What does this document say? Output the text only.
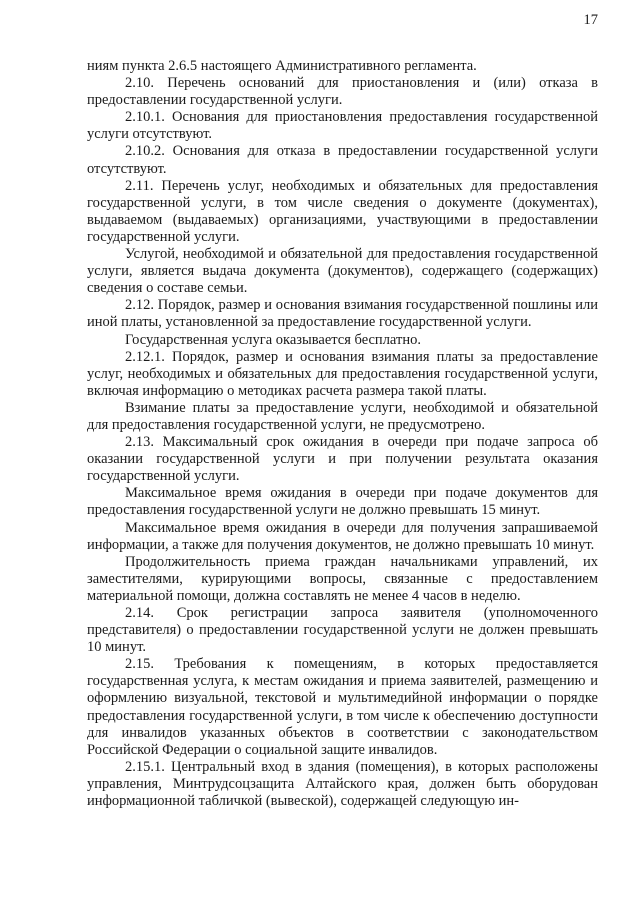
17

ниям пункта 2.6.5 настоящего Административного регламента.

2.10. Перечень оснований для приостановления и (или) отказа в предоставлении государственной услуги.

2.10.1. Основания для приостановления предоставления государственной услуги отсутствуют.

2.10.2. Основания для отказа в предоставлении государственной услуги отсутствуют.

2.11. Перечень услуг, необходимых и обязательных для предоставления государственной услуги, в том числе сведения о документе (документах), выдаваемом (выдаваемых) организациями, участвующими в предоставлении государственной услуги.

Услугой, необходимой и обязательной для предоставления государственной услуги, является выдача документа (документов), содержащего (содержащих) сведения о составе семьи.

2.12. Порядок, размер и основания взимания государственной пошлины или иной платы, установленной за предоставление государственной услуги.

Государственная услуга оказывается бесплатно.

2.12.1. Порядок, размер и основания взимания платы за предоставление услуг, необходимых и обязательных для предоставления государственной услуги, включая информацию о методиках расчета размера такой платы.

Взимание платы за предоставление услуги, необходимой и обязательной для предоставления государственной услуги, не предусмотрено.

2.13. Максимальный срок ожидания в очереди при подаче запроса об оказании государственной услуги и при получении результата оказания государственной услуги.

Максимальное время ожидания в очереди при подаче документов для предоставления государственной услуги не должно превышать 15 минут.

Максимальное время ожидания в очереди для получения запрашиваемой информации, а также для получения документов, не должно превышать 10 минут.

Продолжительность приема граждан начальниками управлений, их заместителями, курирующими вопросы, связанные с предоставлением материальной помощи, должна составлять не менее 4 часов в неделю.

2.14. Срок регистрации запроса заявителя (уполномоченного представителя) о предоставлении государственной услуги не должен превышать 10 минут.

2.15. Требования к помещениям, в которых предоставляется государственная услуга, к местам ожидания и приема заявителей, размещению и оформлению визуальной, текстовой и мультимедийной информации о порядке предоставления государственной услуги, в том числе к обеспечению доступности для инвалидов указанных объектов в соответствии с законодательством Российской Федерации о социальной защите инвалидов.

2.15.1. Центральный вход в здания (помещения), в которых расположены управления, Минтрудсоцзащита Алтайского края, должен быть оборудован информационной табличкой (вывеской), содержащей следующую ин-
